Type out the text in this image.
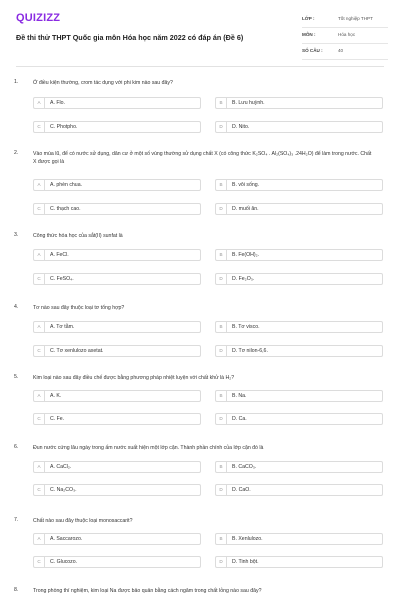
QUIZIZZ
Đề thi thử THPT Quốc gia môn Hóa học năm 2022 có đáp án (Đề 6)
LỚP :	Tốt nghiệp THPT
MÔN :	Hóa học
SỐ CÂU :	40
1.	Ở điều kiện thường, crom tác dụng với phi kim nào sau đây?
A	A. Flo.	B	B. Lưu huỳnh.
C	C. Photpho.	D	D. Nito.
2.	Vào mùa lũ, để có nước sử dụng, dân cư ở một số vùng thường sử dụng chất X (có công thức K₂SO₄ . Al₂(SO₄)₃ .24H₂O) để làm trong nước. Chất X được gọi là
A	A. phèn chua.	B	B. vôi sống.
C	C. thạch cao.	D	D. muối ăn.
3.	Công thức hóa học của sắt(II) sunfat là
A	A. FeCl.	B	B. Fe(OH)₂.
C	C. FeSO₄.	D	D. Fe₂O₃.
4.	Tơ nào sau đây thuộc loại tơ tổng hợp?
A	A. Tơ tằm.	B	B. Tơ visco.
C	C. Tơ xenlulozo axetat.	D	D. Tơ nilon-6,6.
5.	Kim loại nào sau đây điều chế được bằng phương pháp nhiệt luyện với chất khử là H₂?
A	A. K.	B	B. Na.
C	C. Fe.	D	D. Ca.
6.	Đun nước cứng lâu ngày trong ấm nước xuất hiện một lớp cặn. Thành phần chính của lớp cặn đó là
A	A. CaCl₂.	B	B. CaCO₃.
C	C. Na₂CO₃.	D	D. CaO.
7.	Chất nào sau đây thuộc loại monosaccarit?
A	A. Saccarozo.	B	B. Xenlulozo.
C	C. Glucozo.	D	D. Tinh bột.
8.	Trong phòng thí nghiệm, kim loại Na được bảo quản bằng cách ngâm trong chất lỏng nào sau đây?
